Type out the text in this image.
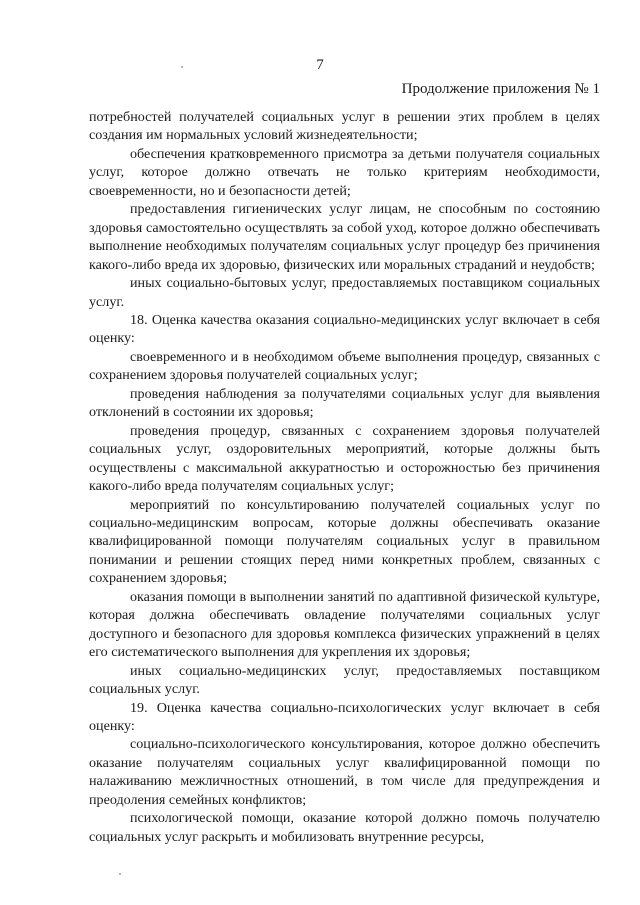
7
Продолжение приложения № 1

потребностей получателей социальных услуг в решении этих проблем в целях создания им нормальных условий жизнедеятельности;

обеспечения кратковременного присмотра за детьми получателя социальных услуг, которое должно отвечать не только критериям необходимости, своевременности, но и безопасности детей;

предоставления гигиенических услуг лицам, не способным по состоянию здоровья самостоятельно осуществлять за собой уход, которое должно обеспечивать выполнение необходимых получателям социальных услуг процедур без причинения какого-либо вреда их здоровью, физических или моральных страданий и неудобств;

иных социально-бытовых услуг, предоставляемых поставщиком социальных услуг.

18. Оценка качества оказания социально-медицинских услуг включает в себя оценку:

своевременного и в необходимом объеме выполнения процедур, связанных с сохранением здоровья получателей социальных услуг;

проведения наблюдения за получателями социальных услуг для выявления отклонений в состоянии их здоровья;

проведения процедур, связанных с сохранением здоровья получателей социальных услуг, оздоровительных мероприятий, которые должны быть осуществлены с максимальной аккуратностью и осторожностью без причинения какого-либо вреда получателям социальных услуг;

мероприятий по консультированию получателей социальных услуг по социально-медицинским вопросам, которые должны обеспечивать оказание квалифицированной помощи получателям социальных услуг в правильном понимании и решении стоящих перед ними конкретных проблем, связанных с сохранением здоровья;

оказания помощи в выполнении занятий по адаптивной физической культуре, которая должна обеспечивать овладение получателями социальных услуг доступного и безопасного для здоровья комплекса физических упражнений в целях его систематического выполнения для укрепления их здоровья;

иных социально-медицинских услуг, предоставляемых поставщиком социальных услуг.

19. Оценка качества социально-психологических услуг включает в себя оценку:

социально-психологического консультирования, которое должно обеспечить оказание получателям социальных услуг квалифицированной помощи по налаживанию межличностных отношений, в том числе для предупреждения и преодоления семейных конфликтов;

психологической помощи, оказание которой должно помочь получателю социальных услуг раскрыть и мобилизовать внутренние ресурсы,
